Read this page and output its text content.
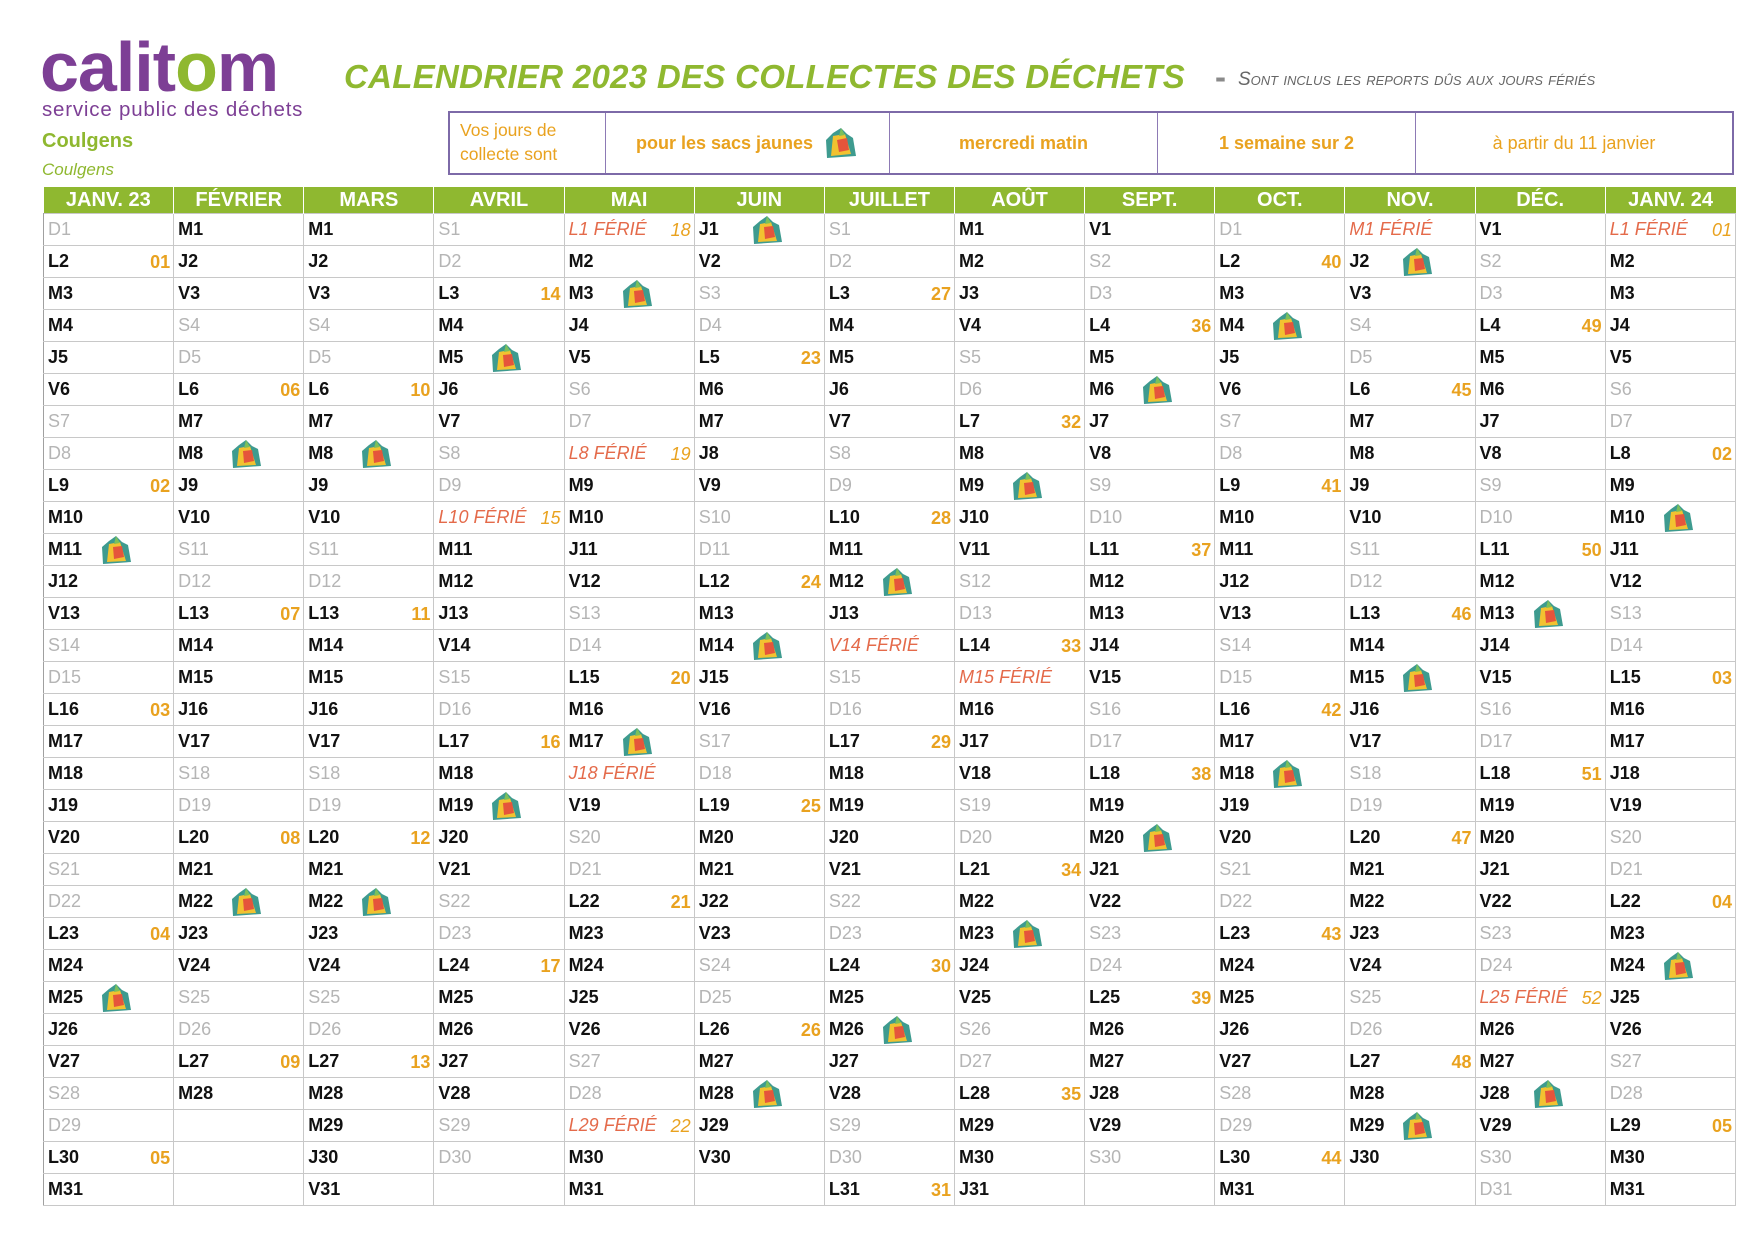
calitom
service public des déchets
Coulgens
Coulgens
CALENDRIER 2023 DES COLLECTES DES DÉCHETS - Sont inclus les reports dûs aux jours fériés
Vos jours de collecte sont
pour les sacs jaunes	mercredi matin	1 semaine sur 2	à partir du 11 janvier
JANV. 23	FÉVRIER	MARS	AVRIL	MAI	JUIN	JUILLET	AOÛT	SEPT.	OCT.	NOV.	DÉC.	JANV. 24
D1	M1	M1	S1	L1 FÉRIÉ 18	J1	S1	M1	V1	D1	M1 FÉRIÉ	V1	L1 FÉRIÉ 01

L2 01	J2	J2	D2	M2	V2	D2	M2	S2	L2 40	J2	S2	M2
M3	V3	V3	L3 14	M3	S3	L3 27	J3	D3	M3	V3	D3	M3
M4	S4	S4	M4	J4	D4	M4	V4	L4 36	M4	S4	L4 49	J4
J5	D5	D5	M5	V5	L5 23	M5	S5	M5	J5	D5	M5	V5
V6	L6 06	L6 10	J6	S6	M6	J6	D6	M6	V6	L6 45	M6	S6
S7	M7	M7	V7	D7	M7	V7	L7 32	J7	S7	M7	J7	D7
D8	M8	M8	S8	L8 FÉRIÉ 19	J8	S8	M8	V8	D8	M8	V8	L8 02

L9 02	J9	J9	D9	M9	V9	D9	M9	S9	L9 41	J9	S9	M9
M10	V10	V10	L10 FÉRIÉ 15	M10	S10	L10 28	J10	D10	M10	V10	D10	M10

M11	S11	S11	M11	J11	D11	M11	V11	L11 37	M11	S11	L11 50	J11
J12	D12	D12	M12	V12	L12 24	M12	S12	M12	J12	D12	M12	V12
V13	L13 07	L13 11	J13	S13	M13	J13	D13	M13	V13	L13 46	M13	S13
S14	M14	M14	V14	D14	M14	V14 FÉRIÉ	L14 33	J14	S14	M14	J14	D14
D15	M15	M15	S15	L15 20	J15	S15	M15 FÉRIÉ	V15	D15	M15	V15	L15 03

L16 03	J16	J16	D16	M16	V16	D16	M16	S16	L16 42	J16	S16	M16
M17	V17	V17	L17 16	M17	S17	L17 29	J17	D17	M17	V17	D17	M17
M18	S18	S18	M18	J18 FÉRIÉ	D18	M18	V18	L18 38	M18	S18	L18 51	J18
J19	D19	D19	M19	V19	L19 25	M19	S19	M19	J19	D19	M19	V19
V20	L20 08	L20 12	J20	S20	M20	J20	D20	M20	V20	L20 47	M20	S20
S21	M21	M21	V21	D21	M21	V21	L21 34	J21	S21	M21	J21	D21
D22	M22	M22	S22	L22 21	J22	S22	M22	V22	D22	M22	V22	L22 04

L23 04	J23	J23	D23	M23	V23	D23	M23	S23	L23 43	J23	S23	M23
M24	V24	V24	L24 17	M24	S24	L24 30	J24	D24	M24	V24	D24	M24

M25	S25	S25	M25	J25	D25	M25	V25	L25 39	M25	S25	L25 FÉRIÉ 52	J25
J26	D26	D26	M26	V26	L26 26	M26	S26	M26	J26	D26	M26	V26
V27	L27 09	L27 13	J27	S27	M27	J27	D27	M27	V27	L27 48	M27	S27
S28	M28	M28	V28	D28	M28	V28	L28 35	J28	S28	M28	J28	D28
D29		M29	S29	L29 FÉRIÉ 22	J29	S29	M29	V29	D29	M29	V29	L29 05

L30 05		J30	D30	M30	V30	D30	M30	S30	L30 44	J30	S30	M30
M31		V31		M31		L31 31	J31		M31		D31	M31
